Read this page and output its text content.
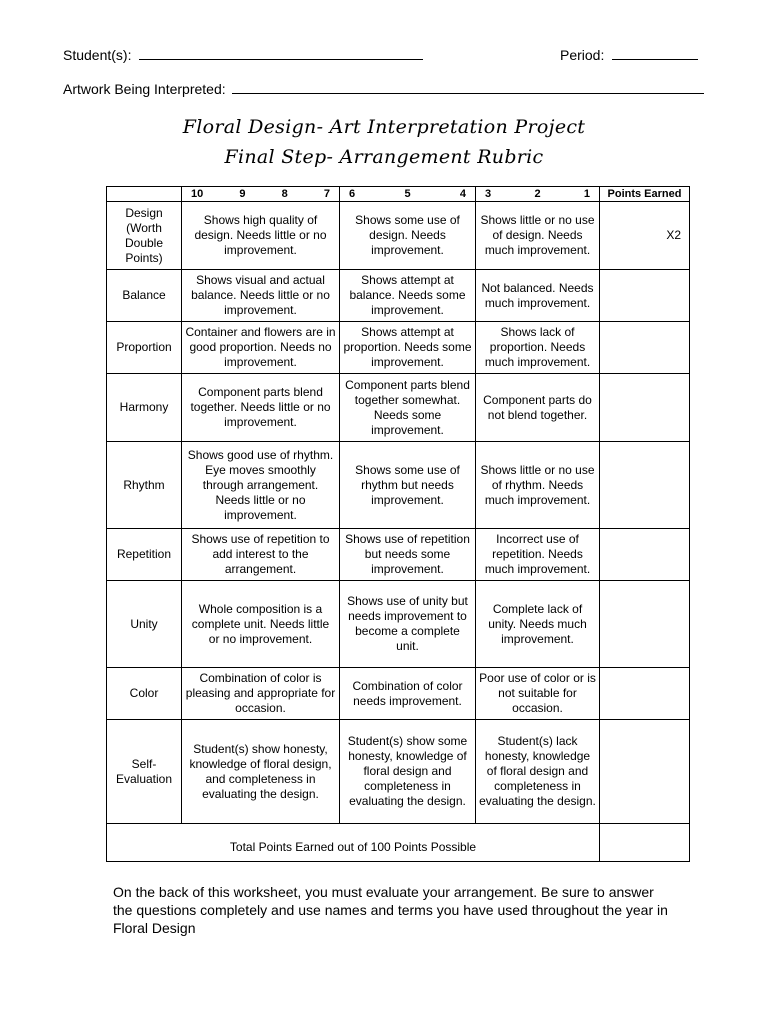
Student(s):	Period:
Artwork Being Interpreted:
Floral Design- Art Interpretation Project
Final Step- Arrangement Rubric

	10 9 8 7	6 5 4	3 2 1	Points Earned
Design (Worth Double Points)	Shows high quality of design. Needs little or no improvement.	Shows some use of design. Needs improvement.	Shows little or no use of design. Needs much improvement.	X2
Balance	Shows visual and actual balance. Needs little or no improvement.	Shows attempt at balance. Needs some improvement.	Not balanced. Needs much improvement.	
Proportion	Container and flowers are in good proportion. Needs no improvement.	Shows attempt at proportion. Needs some improvement.	Shows lack of proportion. Needs much improvement.	
Harmony	Component parts blend together. Needs little or no improvement.	Component parts blend together somewhat. Needs some improvement.	Component parts do not blend together.	
Rhythm	Shows good use of rhythm. Eye moves smoothly through arrangement. Needs little or no improvement.	Shows some use of rhythm but needs improvement.	Shows little or no use of rhythm. Needs much improvement.	
Repetition	Shows use of repetition to add interest to the arrangement.	Shows use of repetition but needs some improvement.	Incorrect use of repetition. Needs much improvement.	
Unity	Whole composition is a complete unit. Needs little or no improvement.	Shows use of unity but needs improvement to become a complete unit.	Complete lack of unity. Needs much improvement.	
Color	Combination of color is pleasing and appropriate for occasion.	Combination of color needs improvement.	Poor use of color or is not suitable for occasion.	
Self-Evaluation	Student(s) show honesty, knowledge of floral design, and completeness in evaluating the design.	Student(s) show some honesty, knowledge of floral design and completeness in evaluating the design.	Student(s) lack honesty, knowledge of floral design and completeness in evaluating the design.	
Total Points Earned out of 100 Points Possible				
On the back of this worksheet, you must evaluate your arrangement. Be sure to answer the questions completely and use names and terms you have used throughout the year in Floral Design
